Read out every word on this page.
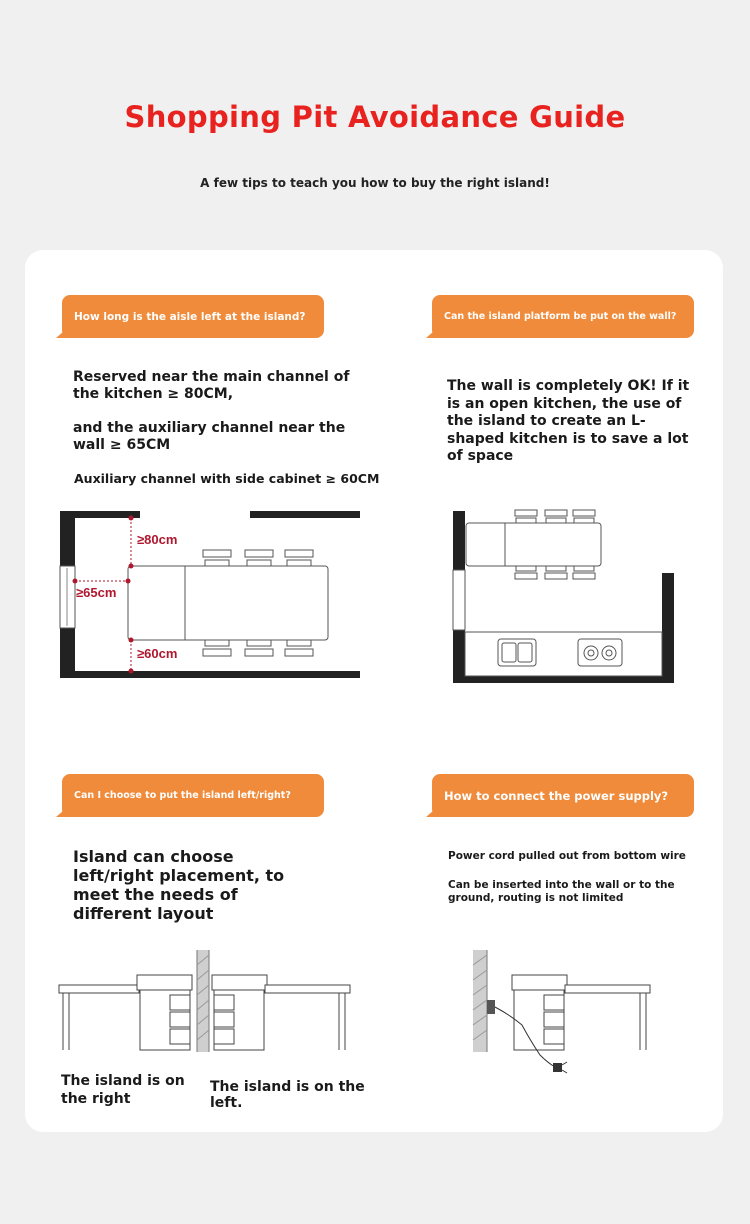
Shopping Pit Avoidance Guide
A few tips to teach you how to buy the right island!
How long is the aisle left at the island?
Reserved near the main channel of the kitchen ≥ 80CM,
and the auxiliary channel near the wall ≥ 65CM
Auxiliary channel with side cabinet ≥ 60CM
≥80cm
≥65cm
≥60cm
Can the island platform be put on the wall?
The wall is completely OK! If it is an open kitchen, the use of the island to create an L-shaped kitchen is to save a lot of space
Can I choose to put the island left/right?
Island can choose left/right placement, to meet the needs of different layout
The island is on the right
The island is on the left.
How to connect the power supply?
Power cord pulled out from bottom wire
Can be inserted into the wall or to the ground, routing is not limited
